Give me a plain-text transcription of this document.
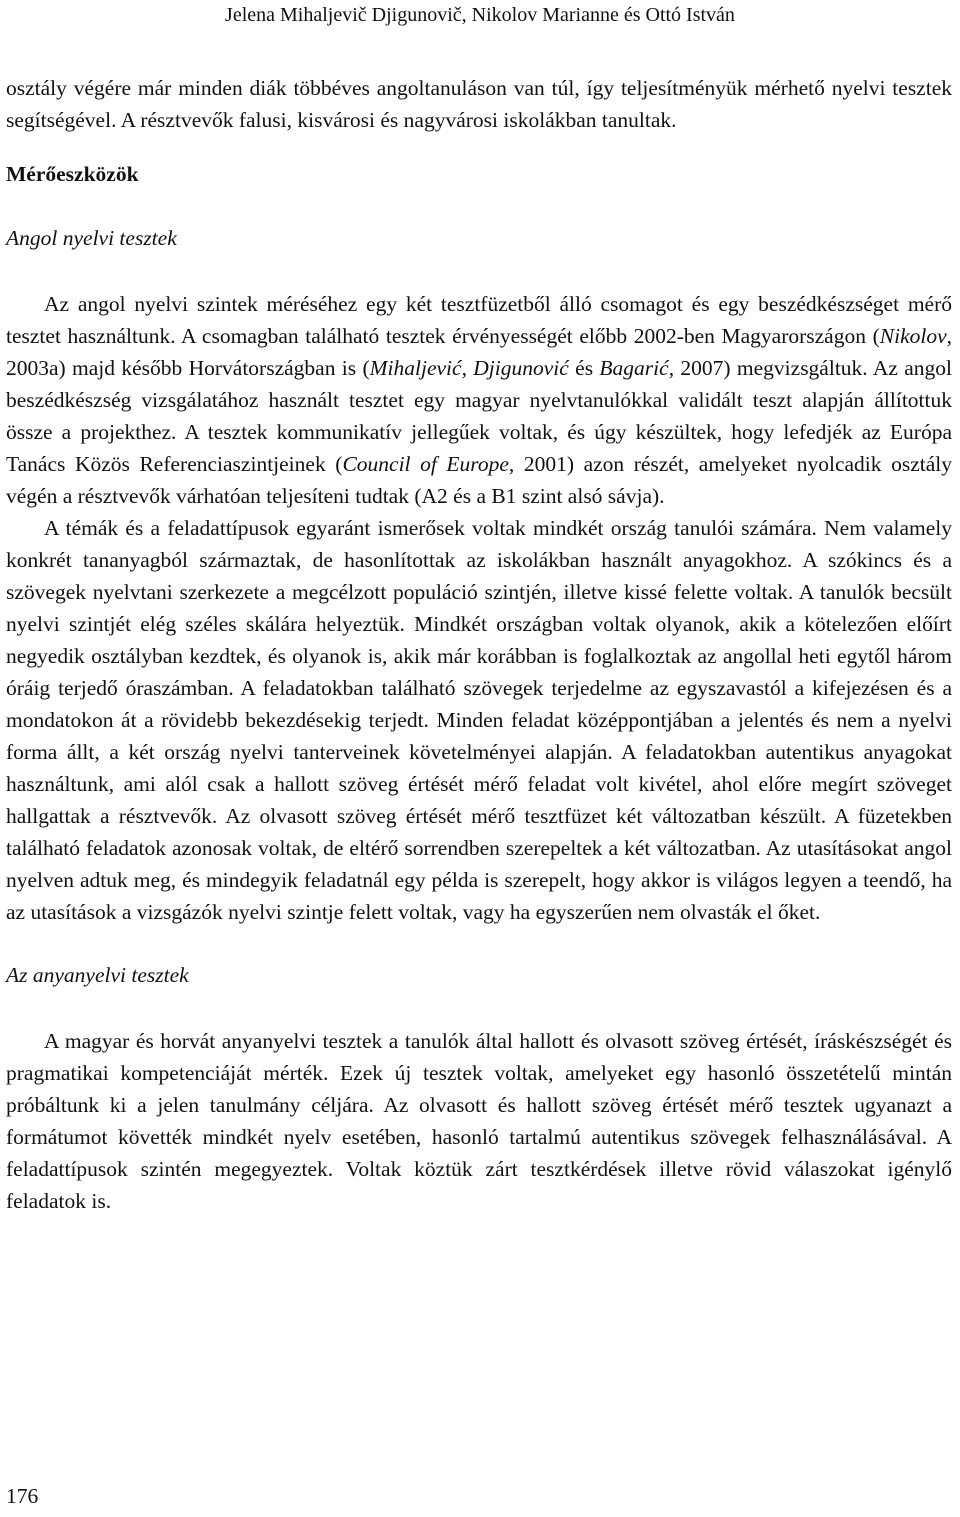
Jelena Mihaljevič Djigunovič, Nikolov Marianne és Ottó István

osztály végére már minden diák többéves angoltanuláson van túl, így teljesítményük mérhető nyelvi tesztek segítségével. A résztvevők falusi, kisvárosi és nagyvárosi iskolákban tanultak.

Mérőeszközök

Angol nyelvi tesztek

Az angol nyelvi szintek méréséhez egy két tesztfüzetből álló csomagot és egy beszédkészséget mérő tesztet használtunk. A csomagban található tesztek érvényességét előbb 2002-ben Magyarországon (Nikolov, 2003a) majd később Horvátországban is (Mihaljević, Djigunović és Bagarić, 2007) megvizsgáltuk. Az angol beszédkészség vizsgálatához használt tesztet egy magyar nyelvtanulókkal validált teszt alapján állítottuk össze a projekthez. A tesztek kommunikatív jellegűek voltak, és úgy készültek, hogy lefedjék az Európa Tanács Közös Referenciaszintjeinek (Council of Europe, 2001) azon részét, amelyeket nyolcadik osztály végén a résztvevők várhatóan teljesíteni tudtak (A2 és a B1 szint alsó sávja).

A témák és a feladattípusok egyaránt ismerősek voltak mindkét ország tanulói számára. Nem valamely konkrét tananyagból származtak, de hasonlítottak az iskolákban használt anyagokhoz. A szókincs és a szövegek nyelvtani szerkezete a megcélzott populáció szintjén, illetve kissé felette voltak. A tanulók becsült nyelvi szintjét elég széles skálára helyeztük. Mindkét országban voltak olyanok, akik a kötelezően előírt negyedik osztályban kezdtek, és olyanok is, akik már korábban is foglalkoztak az angollal heti egytől három óráig terjedő óraszámban. A feladatokban található szövegek terjedelme az egyszavastól a kifejezésen és a mondatokon át a rövidebb bekezdésekig terjedt. Minden feladat középpontjában a jelentés és nem a nyelvi forma állt, a két ország nyelvi tanterveinek követelményei alapján. A feladatokban autentikus anyagokat használtunk, ami alól csak a hallott szöveg értését mérő feladat volt kivétel, ahol előre megírt szöveget hallgattak a résztvevők. Az olvasott szöveg értését mérő tesztfüzet két változatban készült. A füzetekben található feladatok azonosak voltak, de eltérő sorrendben szerepeltek a két változatban. Az utasításokat angol nyelven adtuk meg, és mindegyik feladatnál egy példa is szerepelt, hogy akkor is világos legyen a teendő, ha az utasítások a vizsgázók nyelvi szintje felett voltak, vagy ha egyszerűen nem olvasták el őket.

Az anyanyelvi tesztek

A magyar és horvát anyanyelvi tesztek a tanulók által hallott és olvasott szöveg értését, íráskészségét és pragmatikai kompetenciáját mérték. Ezek új tesztek voltak, amelyeket egy hasonló összetételű mintán próbáltunk ki a jelen tanulmány céljára. Az olvasott és hallott szöveg értését mérő tesztek ugyanazt a formátumot követték mindkét nyelv esetében, hasonló tartalmú autentikus szövegek felhasználásával. A feladattípusok szintén megegyeztek. Voltak köztük zárt tesztkérdések illetve rövid válaszokat igénylő feladatok is.

176
